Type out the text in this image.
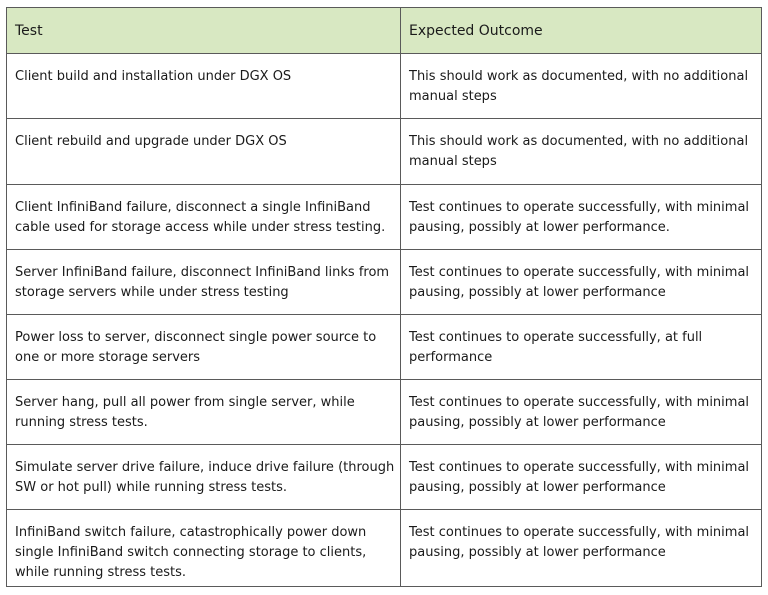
Test	Expected Outcome
Client build and installation under DGX OS	This should work as documented, with no additional manual steps
Client rebuild and upgrade under DGX OS	This should work as documented, with no additional manual steps
Client InfiniBand failure, disconnect a single InfiniBand cable used for storage access while under stress testing.	Test continues to operate successfully, with minimal pausing, possibly at lower performance.
Server InfiniBand failure, disconnect InfiniBand links from storage servers while under stress testing	Test continues to operate successfully, with minimal pausing, possibly at lower performance
Power loss to server, disconnect single power source to one or more storage servers	Test continues to operate successfully, at full performance
Server hang, pull all power from single server, while running stress tests.	Test continues to operate successfully, with minimal pausing, possibly at lower performance
Simulate server drive failure, induce drive failure (through SW or hot pull) while running stress tests.	Test continues to operate successfully, with minimal pausing, possibly at lower performance
InfiniBand switch failure, catastrophically power down single InfiniBand switch connecting storage to clients, while running stress tests.	Test continues to operate successfully, with minimal pausing, possibly at lower performance
